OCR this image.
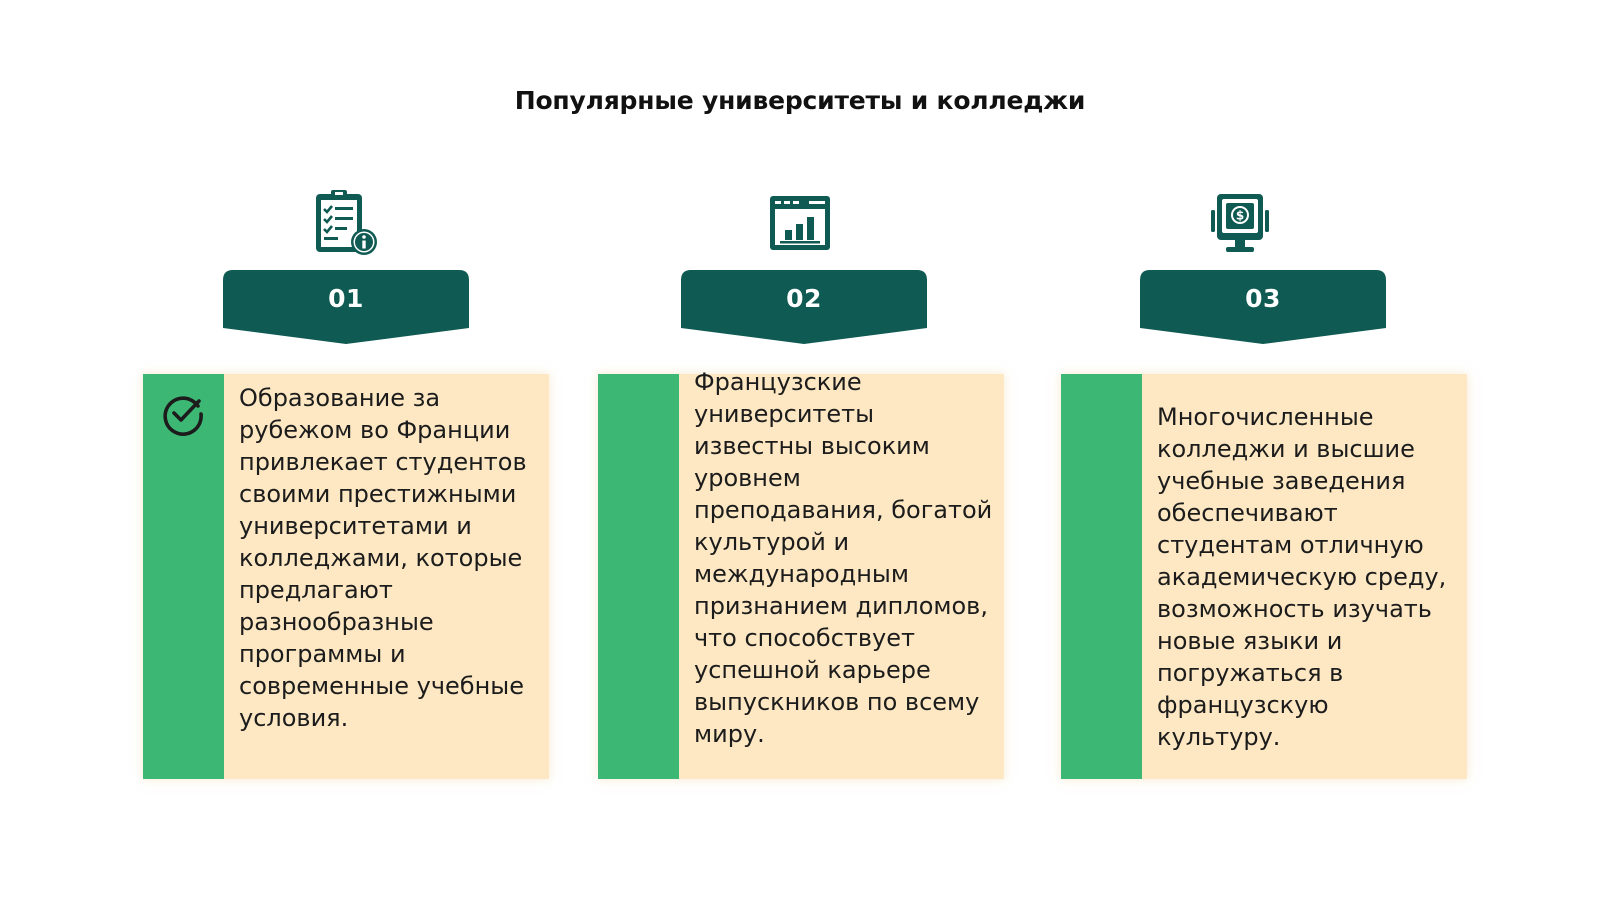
Популярные университеты и колледжи
01

Образование за рубежом во Франции привлекает студентов своими престижными университетами и колледжами, которые предлагают разнообразные программы и современные учебные условия.

02

Французские университеты известны высоким уровнем преподавания, богатой культурой и международным признанием дипломов, что способствует успешной карьере выпускников по всему миру.

$
03

Многочисленные колледжи и высшие учебные заведения обеспечивают студентам отличную академическую среду, возможность изучать новые языки и погружаться в французскую культуру.
